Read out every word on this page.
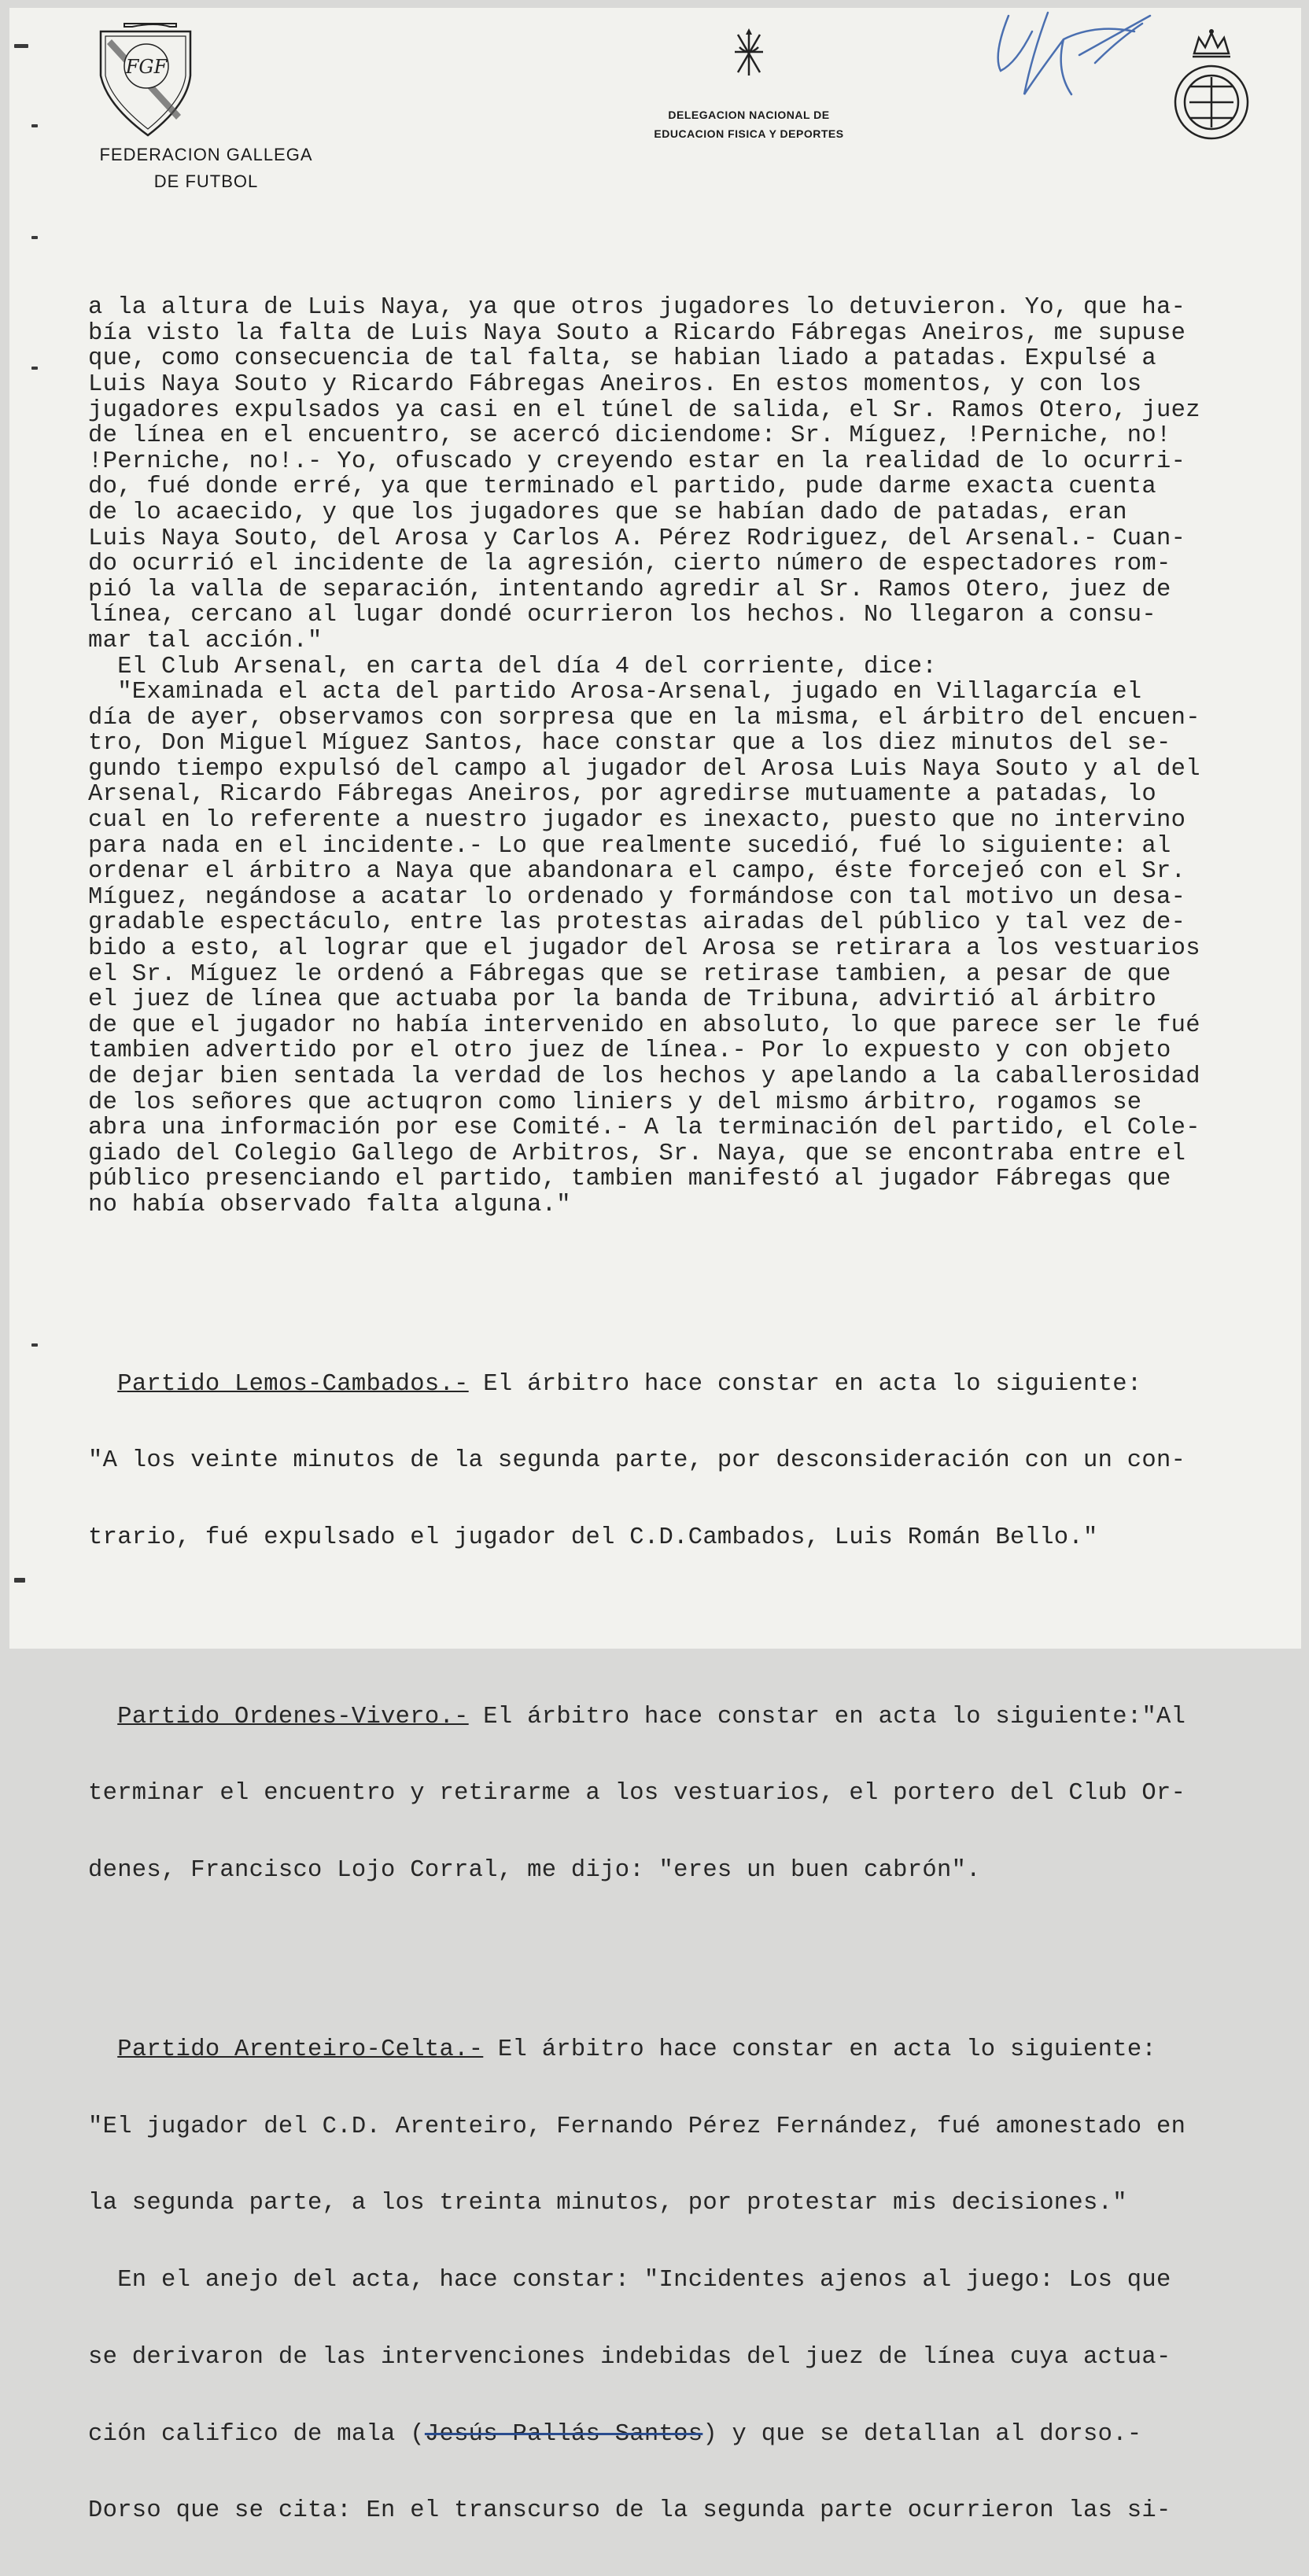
FGF
FEDERACION GALLEGA
DE FUTBOL
DELEGACION NACIONAL DE
EDUCACION FISICA Y DEPORTES

a la altura de Luis Naya, ya que otros jugadores lo detuvieron. Yo, que ha-
bía visto la falta de Luis Naya Souto a Ricardo Fábregas Aneiros, me supuse
que, como consecuencia de tal falta, se habian liado a patadas. Expulsé a
Luis Naya Souto y Ricardo Fábregas Aneiros. En estos momentos, y con los
jugadores expulsados ya casi en el túnel de salida, el Sr. Ramos Otero, juez
de línea en el encuentro, se acercó diciendome: Sr. Míguez, !Perniche, no!
!Perniche, no!.- Yo, ofuscado y creyendo estar en la realidad de lo ocurri-
do, fué donde erré, ya que terminado el partido, pude darme exacta cuenta
de lo acaecido, y que los jugadores que se habían dado de patadas, eran
Luis Naya Souto, del Arosa y Carlos A. Pérez Rodriguez, del Arsenal.- Cuan-
do ocurrió el incidente de la agresión, cierto número de espectadores rom-
pió la valla de separación, intentando agredir al Sr. Ramos Otero, juez de
línea, cercano al lugar dondé ocurrieron los hechos. No llegaron a consu-
mar tal acción."
El Club Arsenal, en carta del día 4 del corriente, dice:
"Examinada el acta del partido Arosa-Arsenal, jugado en Villagarcía el
día de ayer, observamos con sorpresa que en la misma, el árbitro del encuen-
tro, Don Miguel Míguez Santos, hace constar que a los diez minutos del se-
gundo tiempo expulsó del campo al jugador del Arosa Luis Naya Souto y al del
Arsenal, Ricardo Fábregas Aneiros, por agredirse mutuamente a patadas, lo
cual en lo referente a nuestro jugador es inexacto, puesto que no intervino
para nada en el incidente.- Lo que realmente sucedió, fué lo siguiente: al
ordenar el árbitro a Naya que abandonara el campo, éste forcejeó con el Sr.
Míguez, negándose a acatar lo ordenado y formándose con tal motivo un desa-
gradable espectáculo, entre las protestas airadas del público y tal vez de-
bido a esto, al lograr que el jugador del Arosa se retirara a los vestuarios
el Sr. Míguez le ordenó a Fábregas que se retirase tambien, a pesar de que
el juez de línea que actuaba por la banda de Tribuna, advirtió al árbitro
de que el jugador no había intervenido en absoluto, lo que parece ser le fué
tambien advertido por el otro juez de línea.- Por lo expuesto y con objeto
de dejar bien sentada la verdad de los hechos y apelando a la caballerosidad
de los señores que actuqron como liniers y del mismo árbitro, rogamos se
abra una información por ese Comité.- A la terminación del partido, el Cole-
giado del Colegio Gallego de Arbitros, Sr. Naya, que se encontraba entre el
público presenciando el partido, tambien manifestó al jugador Fábregas que
no había observado falta alguna."

Partido Lemos-Cambados.- El árbitro hace constar en acta lo siguiente:

"A los veinte minutos de la segunda parte, por desconsideración con un con-

trario, fué expulsado el jugador del C.D.Cambados, Luis Román Bello."

Partido Ordenes-Vivero.- El árbitro hace constar en acta lo siguiente:"Al

terminar el encuentro y retirarme a los vestuarios, el portero del Club Or-

denes, Francisco Lojo Corral, me dijo: "eres un buen cabrón".

Partido Arenteiro-Celta.- El árbitro hace constar en acta lo siguiente:

"El jugador del C.D. Arenteiro, Fernando Pérez Fernández, fué amonestado en

la segunda parte, a los treinta minutos, por protestar mis decisiones."

En el anejo del acta, hace constar: "Incidentes ajenos al juego: Los que

se derivaron de las intervenciones indebidas del juez de línea cuya actua-

ción califico de mala (Jesús Pallás Santos) y que se detallan al dorso.-

Dorso que se cita: En el transcurso de la segunda parte ocurrieron las si-
